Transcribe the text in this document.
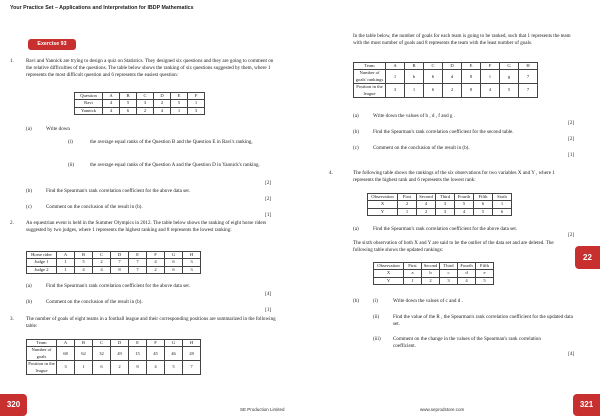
Your Practice Set – Applications and Interpretation for IBDP Mathematics
Exercise 93
1. Ravi and Yannick are trying to design a quiz on Statistics. They designed six questions and they are going to comment on the relative difficulties of the questions. The table below shows the ranking of six questions suggested by them, where 1 represents the most difficult question and 6 represents the easiest question:
Question	A	B	C	D	E	F
Ravi	4	5	3	2	5	1
Yannick	4	6	2	4	1	3
(a)	Write down
(i)	the average equal ranks of the Question B and the Question E in Ravi's ranking,
(ii)	the average equal ranks of the Question A and the Question D in Yannick's ranking.
[2]
(b)	Find the Spearman's rank correlation coefficient for the above data set.
[2]
(c)	Comment on the conclusion of the result in (b).
[1]
2. An equestrian event is held in the Summer Olympics in 2012. The table below shows the ranking of eight horse riders suggested by two judges, where 1 represents the highest ranking and 8 represents the lowest ranking:
Horse rider	A	B	C	D	E	F	G	H
Judge 1	1	5	2	7	7	4	6	3
Judge 2	1	4	4	8	7	2	6	3
(a)	Find the Spearman's rank correlation coefficient for the above data set.
[4]
(b)	Comment on the conclusion of the result in (b).
[1]
3. The number of goals of eight teams in a football league and their corresponding positions are summarized in the following table:
Team	A	B	C	D	E	F	G	H
Number of goals	68	62	32	49	15	45	46	28
Position in the league	3	1	6	2	8	4	5	7
In the table below, the number of goals for each team is going to be ranked, such that 1 represents the team with the most number of goals and 8 represents the team with the least number of goals.
Team	A	B	C	D	E	F	G	H
Number of goals' rankings	1	b	6	d	8	f	g	7
Position in the league	3	1	6	2	8	4	5	7
(a)	Write down the values of b , d , f and g .
[2]
(b)	Find the Spearman's rank correlation coefficient for the second table.
[2]
(c)	Comment on the conclusion of the result in (b).
[1]
4.	The following table shows the rankings of the six observations for two variables X and Y , where 1 represents the highest rank and 6 represents the lowest rank:
Observation	First	Second	Third	Fourth	Fifth	Sixth
X	2	4	3	5	6	1
Y	1	2	3	4	5	6
(a)	Find the Spearman's rank correlation coefficient for the above data set.
[2]
The sixth observation of both X and Y are said to be the outlier of the data set and are deleted. The following table shows the updated rankings:
Observation	First	Second	Third	Fourth	Fifth
X	a	b	c	d	e
Y	1	2	3	4	5
(b)	(i)	Write down the values of c and d .
(ii)	Find the value of the R , the Spearman's rank correlation coefficient for the updated data set.
(iii) Comment on the change in the values of the Spearman's rank correlation coefficient.
[4]
22
320
SE Production Limited	www.seprodstore.com
321
